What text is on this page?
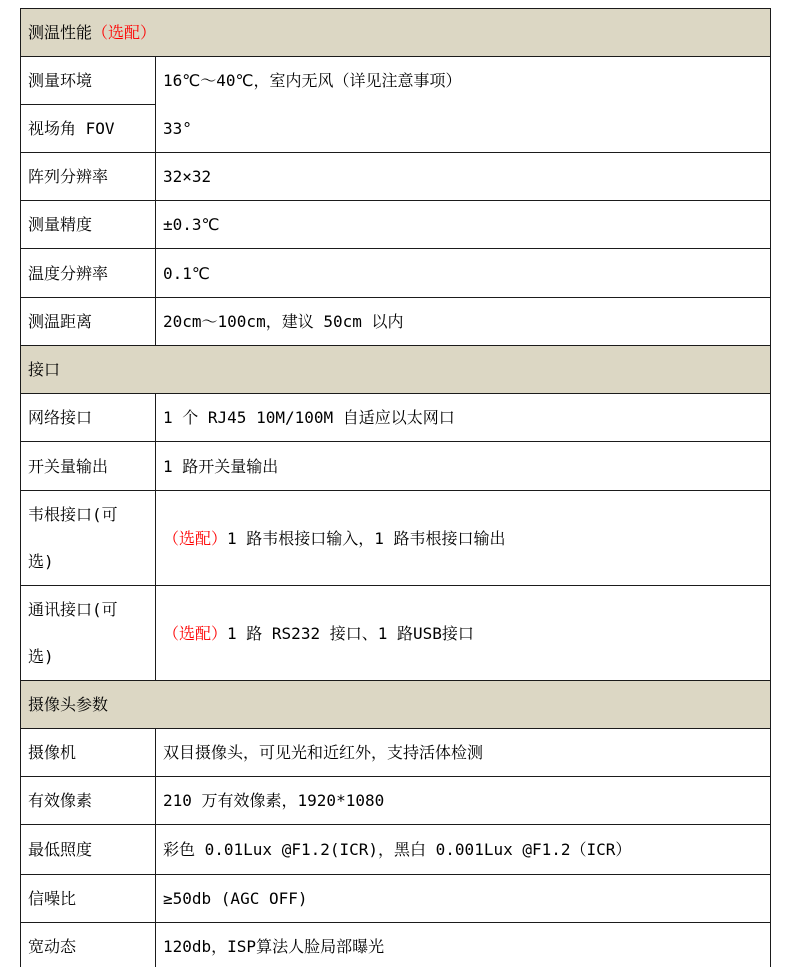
测温性能（选配）	
测量环境	16℃～40℃，室内无风（详见注意事项）
视场角 FOV	33°
阵列分辨率	32×32
测量精度	±0.3℃
温度分辨率	0.1℃
测温距离	20cm～100cm，建议 50cm 以内
接口	
网络接口	1 个 RJ45 10M/100M 自适应以太网口
开关量输出	1 路开关量输出
韦根接口(可选)	（选配）1 路韦根接口输入，1 路韦根接口输出
通讯接口(可选)	（选配）1 路 RS232 接口、1 路USB接口
摄像头参数	
摄像机	双目摄像头，可见光和近红外，支持活体检测
有效像素	210 万有效像素，1920*1080
最低照度	彩色 0.01Lux @F1.2(ICR)，黑白 0.001Lux @F1.2（ICR）
信噪比	≥50db (AGC OFF)
宽动态	120db，ISP算法人脸局部曝光
